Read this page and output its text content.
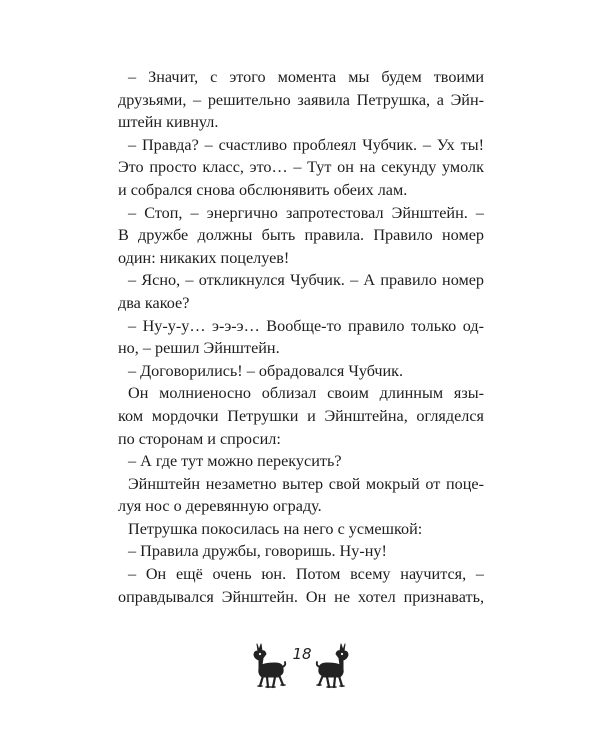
– Значит, с этого момента мы будем твоими
друзьями, – решительно заявила Петрушка, а Эйн-
штейн кивнул.
– Правда? – счастливо проблеял Чубчик. – Ух ты!
Это просто класс, это… – Тут он на секунду умолк
и собрался снова обслюнявить обеих лам.
– Стоп, – энергично запротестовал Эйнштейн. –
В дружбе должны быть правила. Правило номер
один: никаких поцелуев!
– Ясно, – откликнулся Чубчик. – А правило номер
два какое?
– Ну-у-у… э-э-э… Вообще-то правило только од-
но, – решил Эйнштейн.
– Договорились! – обрадовался Чубчик.
Он молниеносно облизал своим длинным язы-
ком мордочки Петрушки и Эйнштейна, огляделся
по сторонам и спросил:
– А где тут можно перекусить?
Эйнштейн незаметно вытер свой мокрый от поце-
луя нос о деревянную ограду.
Петрушка покосилась на него с усмешкой:
– Правила дружбы, говоришь. Ну-ну!
– Он ещё очень юн. Потом всему научится, –
оправдывался Эйнштейн. Он не хотел признавать,
18
